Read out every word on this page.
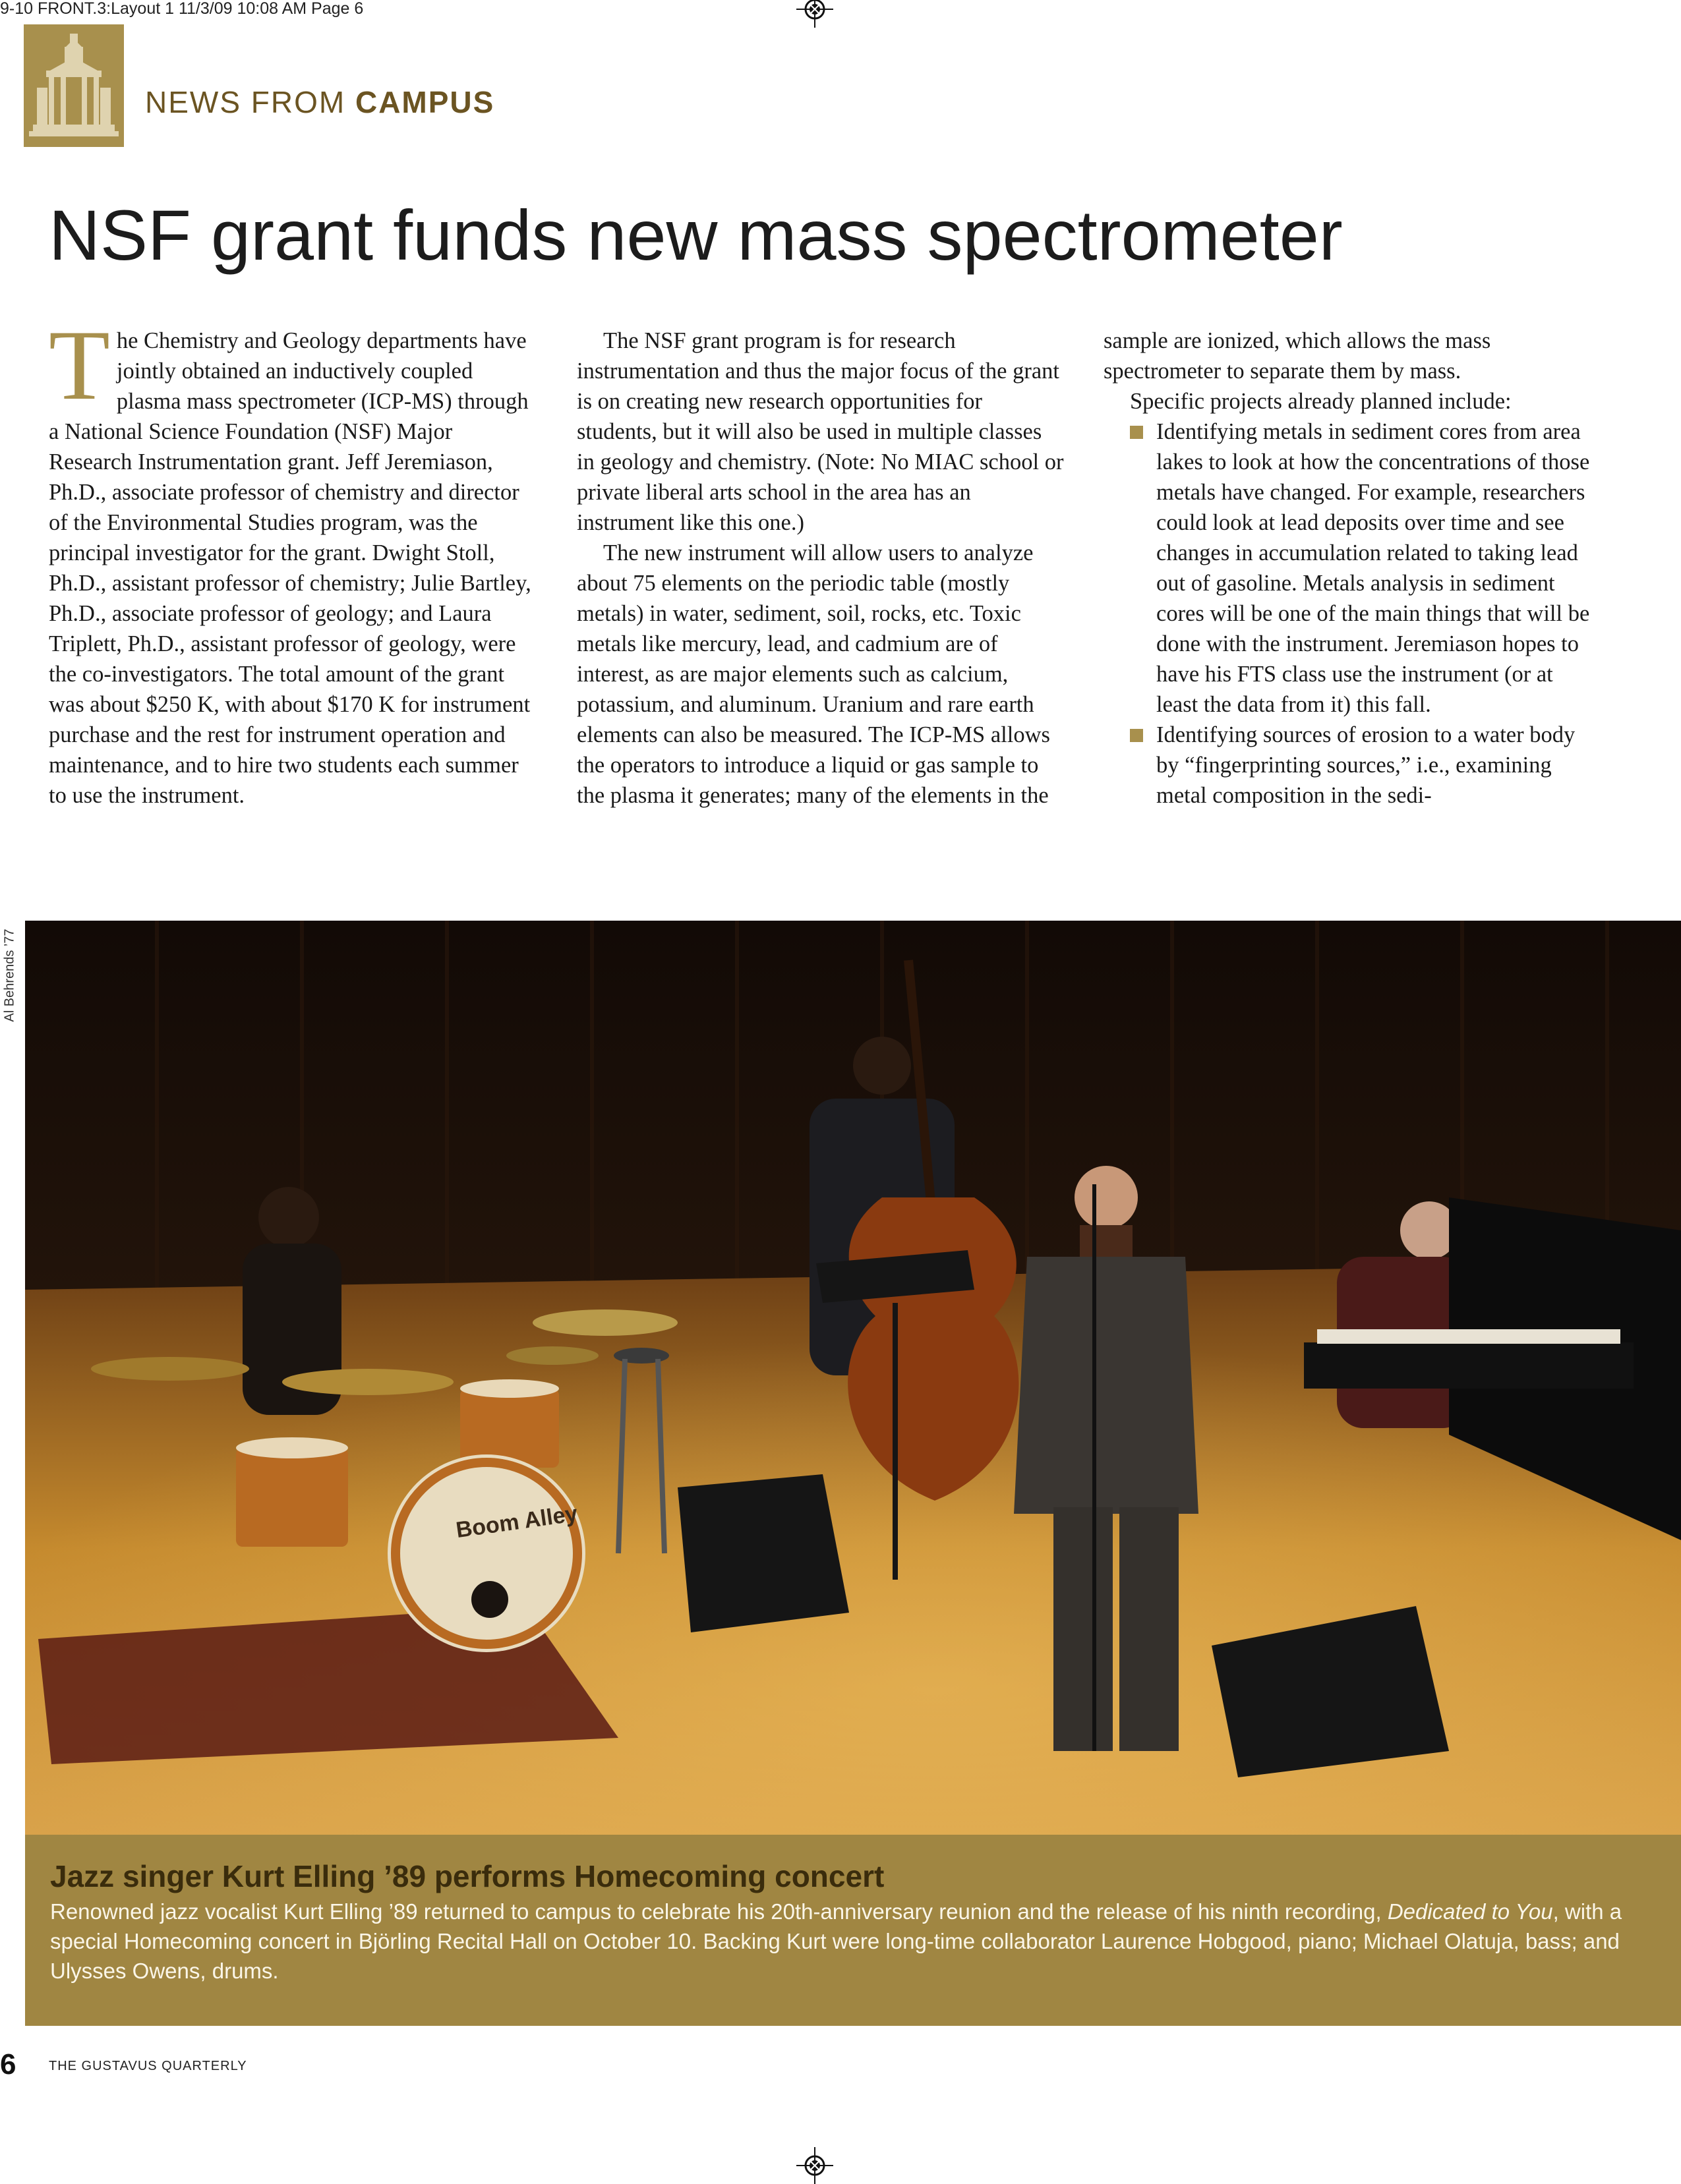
9-10 FRONT.3:Layout 1 11/3/09 10:08 AM Page 6
NEWS FROM CAMPUS
NSF grant funds new mass spectrometer

The Chemistry and Geology departments have jointly obtained an inductively coupled plasma mass spectrometer (ICP-MS) through a National Science Foundation (NSF) Major Research Instrumentation grant. Jeff Jeremiason, Ph.D., associate professor of chemistry and director of the Environmental Studies program, was the principal investigator for the grant. Dwight Stoll, Ph.D., assistant professor of chemistry; Julie Bartley, Ph.D., associate professor of geology; and Laura Triplett, Ph.D., assistant professor of geology, were the co-investigators. The total amount of the grant was about $250 K, with about $170 K for instrument purchase and the rest for instrument operation and maintenance, and to hire two students each summer to use the instrument.

The NSF grant program is for research instrumentation and thus the major focus of the grant is on creating new research opportunities for students, but it will also be used in multiple classes in geology and chemistry. (Note: No MIAC school or private liberal arts school in the area has an instrument like this one.)

The new instrument will allow users to analyze about 75 elements on the periodic table (mostly metals) in water, sediment, soil, rocks, etc. Toxic metals like mercury, lead, and cadmium are of interest, as are major elements such as calcium, potassium, and aluminum. Uranium and rare earth elements can also be measured. The ICP-MS allows the operators to introduce a liquid or gas sample to the plasma it generates; many of the elements in the

sample are ionized, which allows the mass spectrometer to separate them by mass.

Specific projects already planned include:

Identifying metals in sediment cores from area lakes to look at how the concentrations of those metals have changed. For example, researchers could look at lead deposits over time and see changes in accumulation related to taking lead out of gasoline. Metals analysis in sediment cores will be one of the main things that will be done with the instrument. Jeremiason hopes to have his FTS class use the instrument (or at least the data from it) this fall.
Identifying sources of erosion to a water body by “fingerprinting sources,” i.e., examining metal composition in the sedi-
Al Behrends ’77
Boom Alley
Jazz singer Kurt Elling ’89 performs Homecoming concert
Renowned jazz vocalist Kurt Elling ’89 returned to campus to celebrate his 20th-anniversary reunion and the release of his ninth recording, Dedicated to You, with a special Homecoming concert in Björling Recital Hall on October 10. Backing Kurt were long-time collaborator Laurence Hobgood, piano; Michael Olatuja, bass; and Ulysses Owens, drums.
6 THE GUSTAVUS QUARTERLY
